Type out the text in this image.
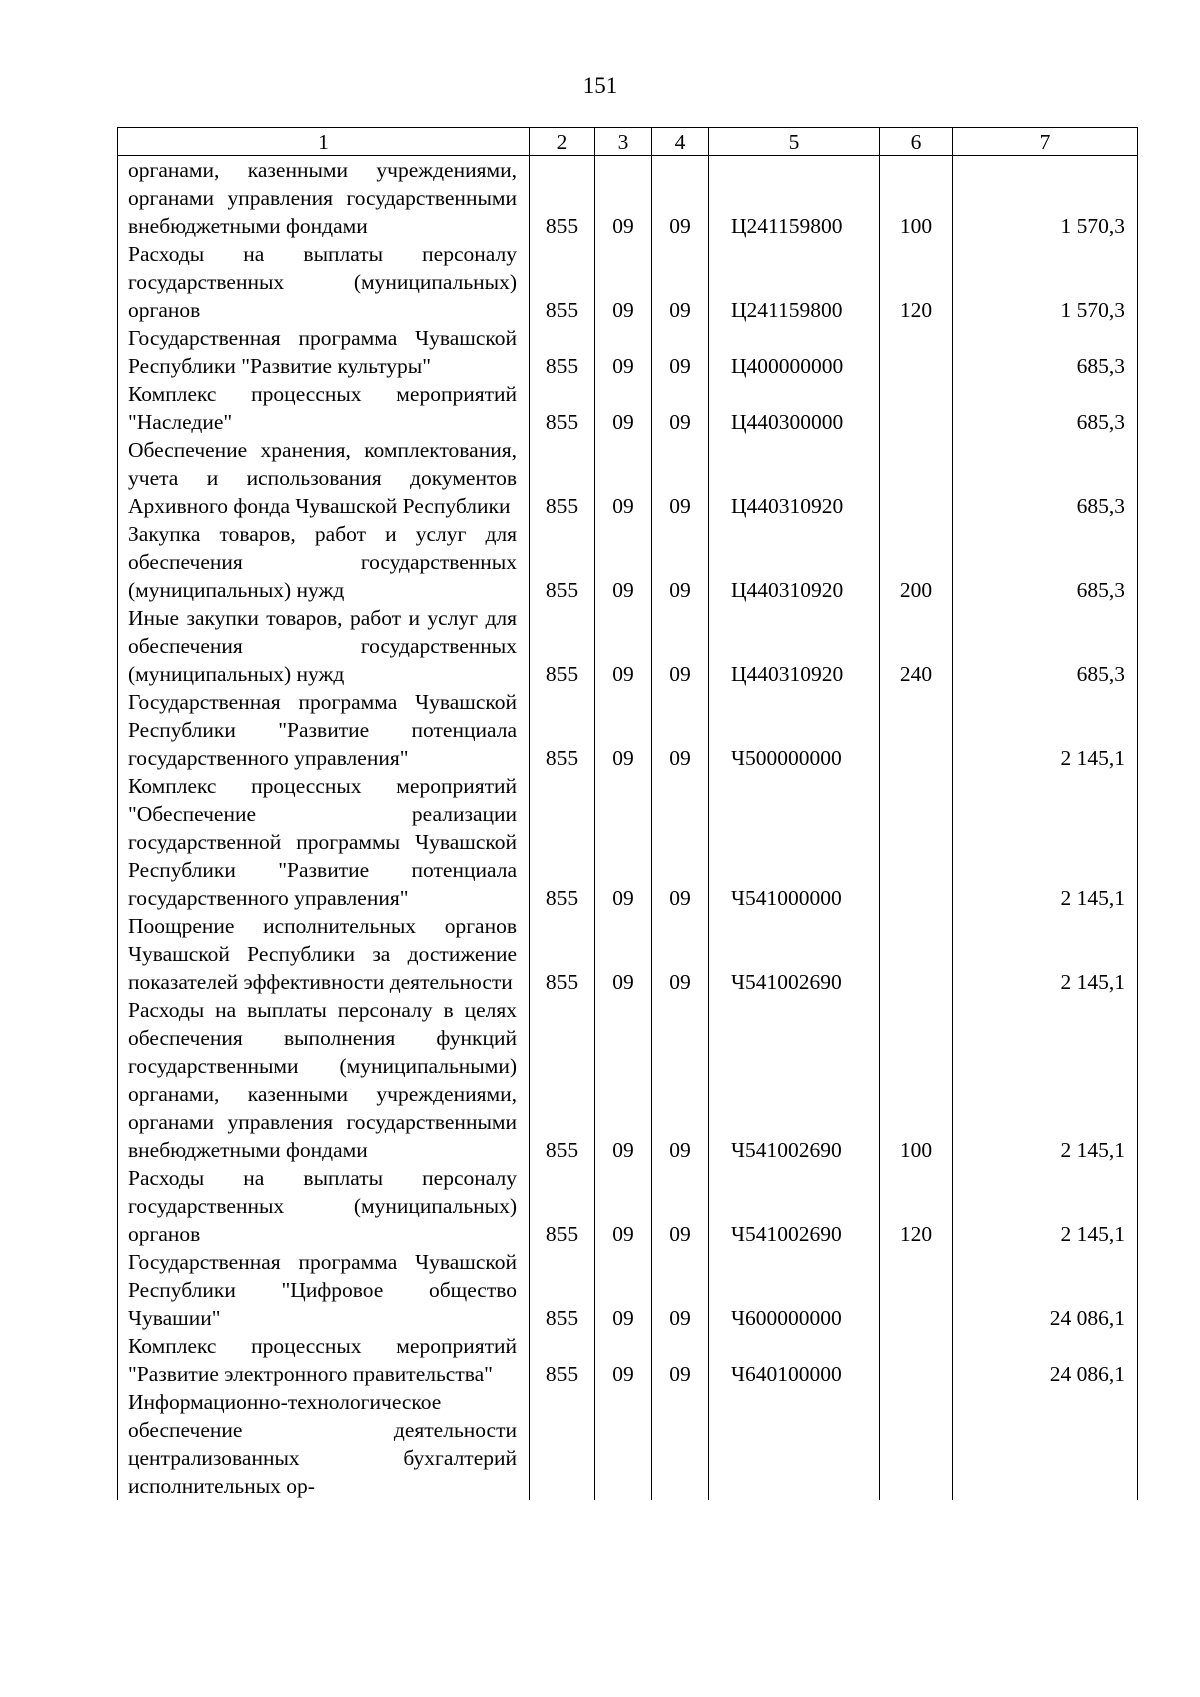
151
1	2	3	4	5	6	7
органами, казенными учреждениями, органами управления государственными внебюджетными фондами	855	09	09	Ц241159800	100	1 570,3
Расходы на выплаты персоналу государственных (муниципальных) органов	855	09	09	Ц241159800	120	1 570,3
Государственная программа Чувашской Республики "Развитие культуры"	855	09	09	Ц400000000		685,3
Комплекс процессных мероприятий "Наследие"	855	09	09	Ц440300000		685,3
Обеспечение хранения, комплектования, учета и использования документов Архивного фонда Чувашской Республики	855	09	09	Ц440310920		685,3
Закупка товаров, работ и услуг для обеспечения государственных (муниципальных) нужд	855	09	09	Ц440310920	200	685,3
Иные закупки товаров, работ и услуг для обеспечения государственных (муниципальных) нужд	855	09	09	Ц440310920	240	685,3
Государственная программа Чувашской Республики "Развитие потенциала государственного управления"	855	09	09	Ч500000000		2 145,1
Комплекс процессных мероприятий "Обеспечение реализации государственной программы Чувашской Республики "Развитие потенциала государственного управления"	855	09	09	Ч541000000		2 145,1
Поощрение исполнительных органов Чувашской Республики за достижение показателей эффективности деятельности	855	09	09	Ч541002690		2 145,1
Расходы на выплаты персоналу в целях обеспечения выполнения функций государственными (муниципальными) органами, казенными учреждениями, органами управления государственными внебюджетными фондами	855	09	09	Ч541002690	100	2 145,1
Расходы на выплаты персоналу государственных (муниципальных) органов	855	09	09	Ч541002690	120	2 145,1
Государственная программа Чувашской Республики "Цифровое общество Чувашии"	855	09	09	Ч600000000		24 086,1
Комплекс процессных мероприятий "Развитие электронного правительства"	855	09	09	Ч640100000		24 086,1
Информационно-технологическое обеспечение деятельности централизованных бухгалтерий исполнительных ор-						
